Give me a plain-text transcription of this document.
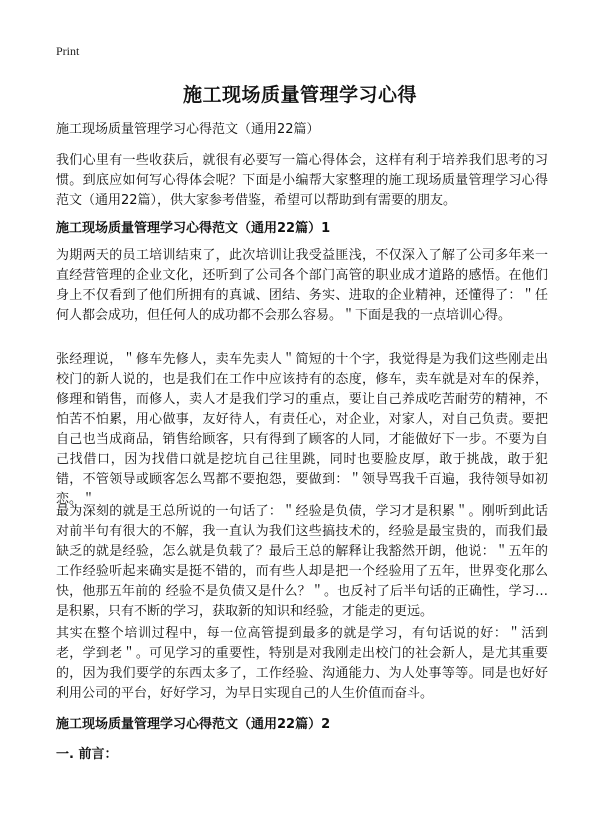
Print
施工现场质量管理学习心得

施工现场质量管理学习心得范文（通用22篇）

我们心里有一些收获后，就很有必要写一篇心得体会，这样有利于培养我们思考的习惯。到底应如何写心得体会呢？下面是小编帮大家整理的施工现场质量管理学习心得范文（通用22篇），供大家参考借鉴，希望可以帮助到有需要的朋友。

施工现场质量管理学习心得范文（通用22篇）1

为期两天的员工培训结束了，此次培训让我受益匪浅，不仅深入了解了公司多年来一直经营管理的企业文化，还听到了公司各个部门高管的职业成才道路的感悟。在他们身上不仅看到了他们所拥有的真诚、团结、务实、进取的企业精神，还懂得了：＂任何人都会成功，但任何人的成功都不会那么容易。＂下面是我的一点培训心得。

张经理说，＂修车先修人，卖车先卖人＂简短的十个字，我觉得是为我们这些刚走出校门的新人说的，也是我们在工作中应该持有的态度，修车，卖车就是对车的保养，修理和销售，而修人，卖人才是我们学习的重点，要让自己养成吃苦耐劳的精神，不怕苦不怕累，用心做事，友好待人，有责任心，对企业，对家人，对自己负责。要把自己也当成商品，销售给顾客，只有得到了顾客的人同，才能做好下一步。不要为自己找借口，因为找借口就是挖坑自己往里跳，同时也要脸皮厚，敢于挑战，敢于犯错，不管领导或顾客怎么骂都不要抱怨，要做到：＂领导骂我千百遍，我待领导如初恋。＂

最为深刻的就是王总所说的一句话了：＂经验是负债，学习才是积累＂。刚听到此话对前半句有很大的不解，我一直认为我们这些搞技术的，经验是最宝贵的，而我们最缺乏的就是经验，怎么就是负载了？最后王总的解释让我豁然开朗，他说：＂五年的工作经验听起来确实是挺不错的，而有些人却是把一个经验用了五年，世界变化那么快，他那五年前的 经验不是负债又是什么？＂。也反衬了后半句话的正确性，学习才是积累，只有不断的学习，获取新的知识和经验，才能走的更远。

其实在整个培训过程中，每一位高管提到最多的就是学习，有句话说的好：＂活到老，学到老＂。可见学习的重要性，特别是对我刚走出校门的社会新人，是尤其重要的，因为我们要学的东西太多了，工作经验、沟通能力、为人处事等等。同是也好好利用公司的平台，好好学习，为早日实现自己的人生价值而奋斗。

施工现场质量管理学习心得范文（通用22篇）2

一. 前言：
